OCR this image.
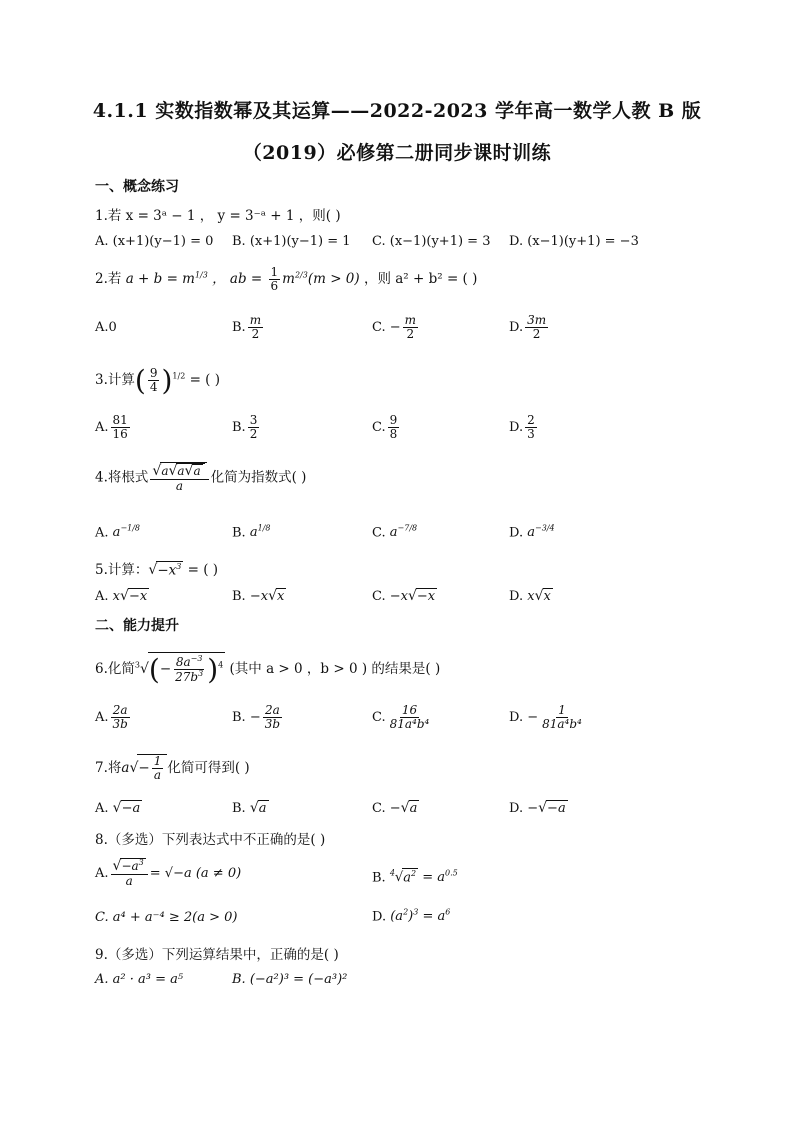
4.1.1 实数指数幂及其运算——2022-2023 学年高一数学人教 B 版
（2019）必修第二册同步课时训练
一、概念练习
1.若 x = 3ᵃ − 1 ， y = 3⁻ᵃ + 1 ，则( )
A. (x+1)(y−1) = 0 B. (x+1)(y−1) = 1 C. (x−1)(y+1) = 3 D. (x−1)(y+1) = −3
2.若 $a + b = m^{1/3}$ ， ab = $\frac{1}{6} m^{2/3}(m > 0)$ ，则 a² + b² = ( )
A.0	B. $\frac{m}{2}$	C. − $\frac{m}{2}$	D. $\frac{3m}{2}$
3.计算( $\frac{9}{4} )^{1/2}$ = ( )
A. $\frac{81}{16}$	B. $\frac{3}{2}$	C. $\frac{9}{8}$	D. $\frac{2}{3}$
4.将根式 $\frac{√a√a√a}{a}$ 化简为指数式( )
A. $a^{-1/8}$	B. $a^{1/8}$	C. $a^{-7/8}$	D. $a^{-3/4}$
5.计算：$√-x^3$ = ( )
A. x√−x	B. −x√x	C. −x√−x	D. x√x
二、能力提升
6.化简$^3√(- \frac{8a^{-3}}{27b^3} )^4$ (其中 a > 0 ，b > 0 ) 的结果是( )
A. $\frac{2a}{3b}$	B. − $\frac{2a}{3b}$	C. $\frac{16}{\text{81a⁴b⁴}}$	D. − $\frac{1}{\text{81a⁴b⁴}}$
7.将$a√- \frac{1}{a}$ 化简可得到( )
A. √−a	B. √a	C. −√a	D. −√−a
8.（多选）下列表达式中不正确的是( )
A. $\frac{√-a^3}{a} = √-a$ (a ≠ 0)	B. $^4√a^2 = a^{0.5}$
C. a⁴ + a⁻⁴ ≥ 2(a > 0)	D. $(a^2)^3 = a^6$
9.（多选）下列运算结果中，正确的是( )
A. a² · a³ = a⁵	B. (−a²)³ = (−a³)²
